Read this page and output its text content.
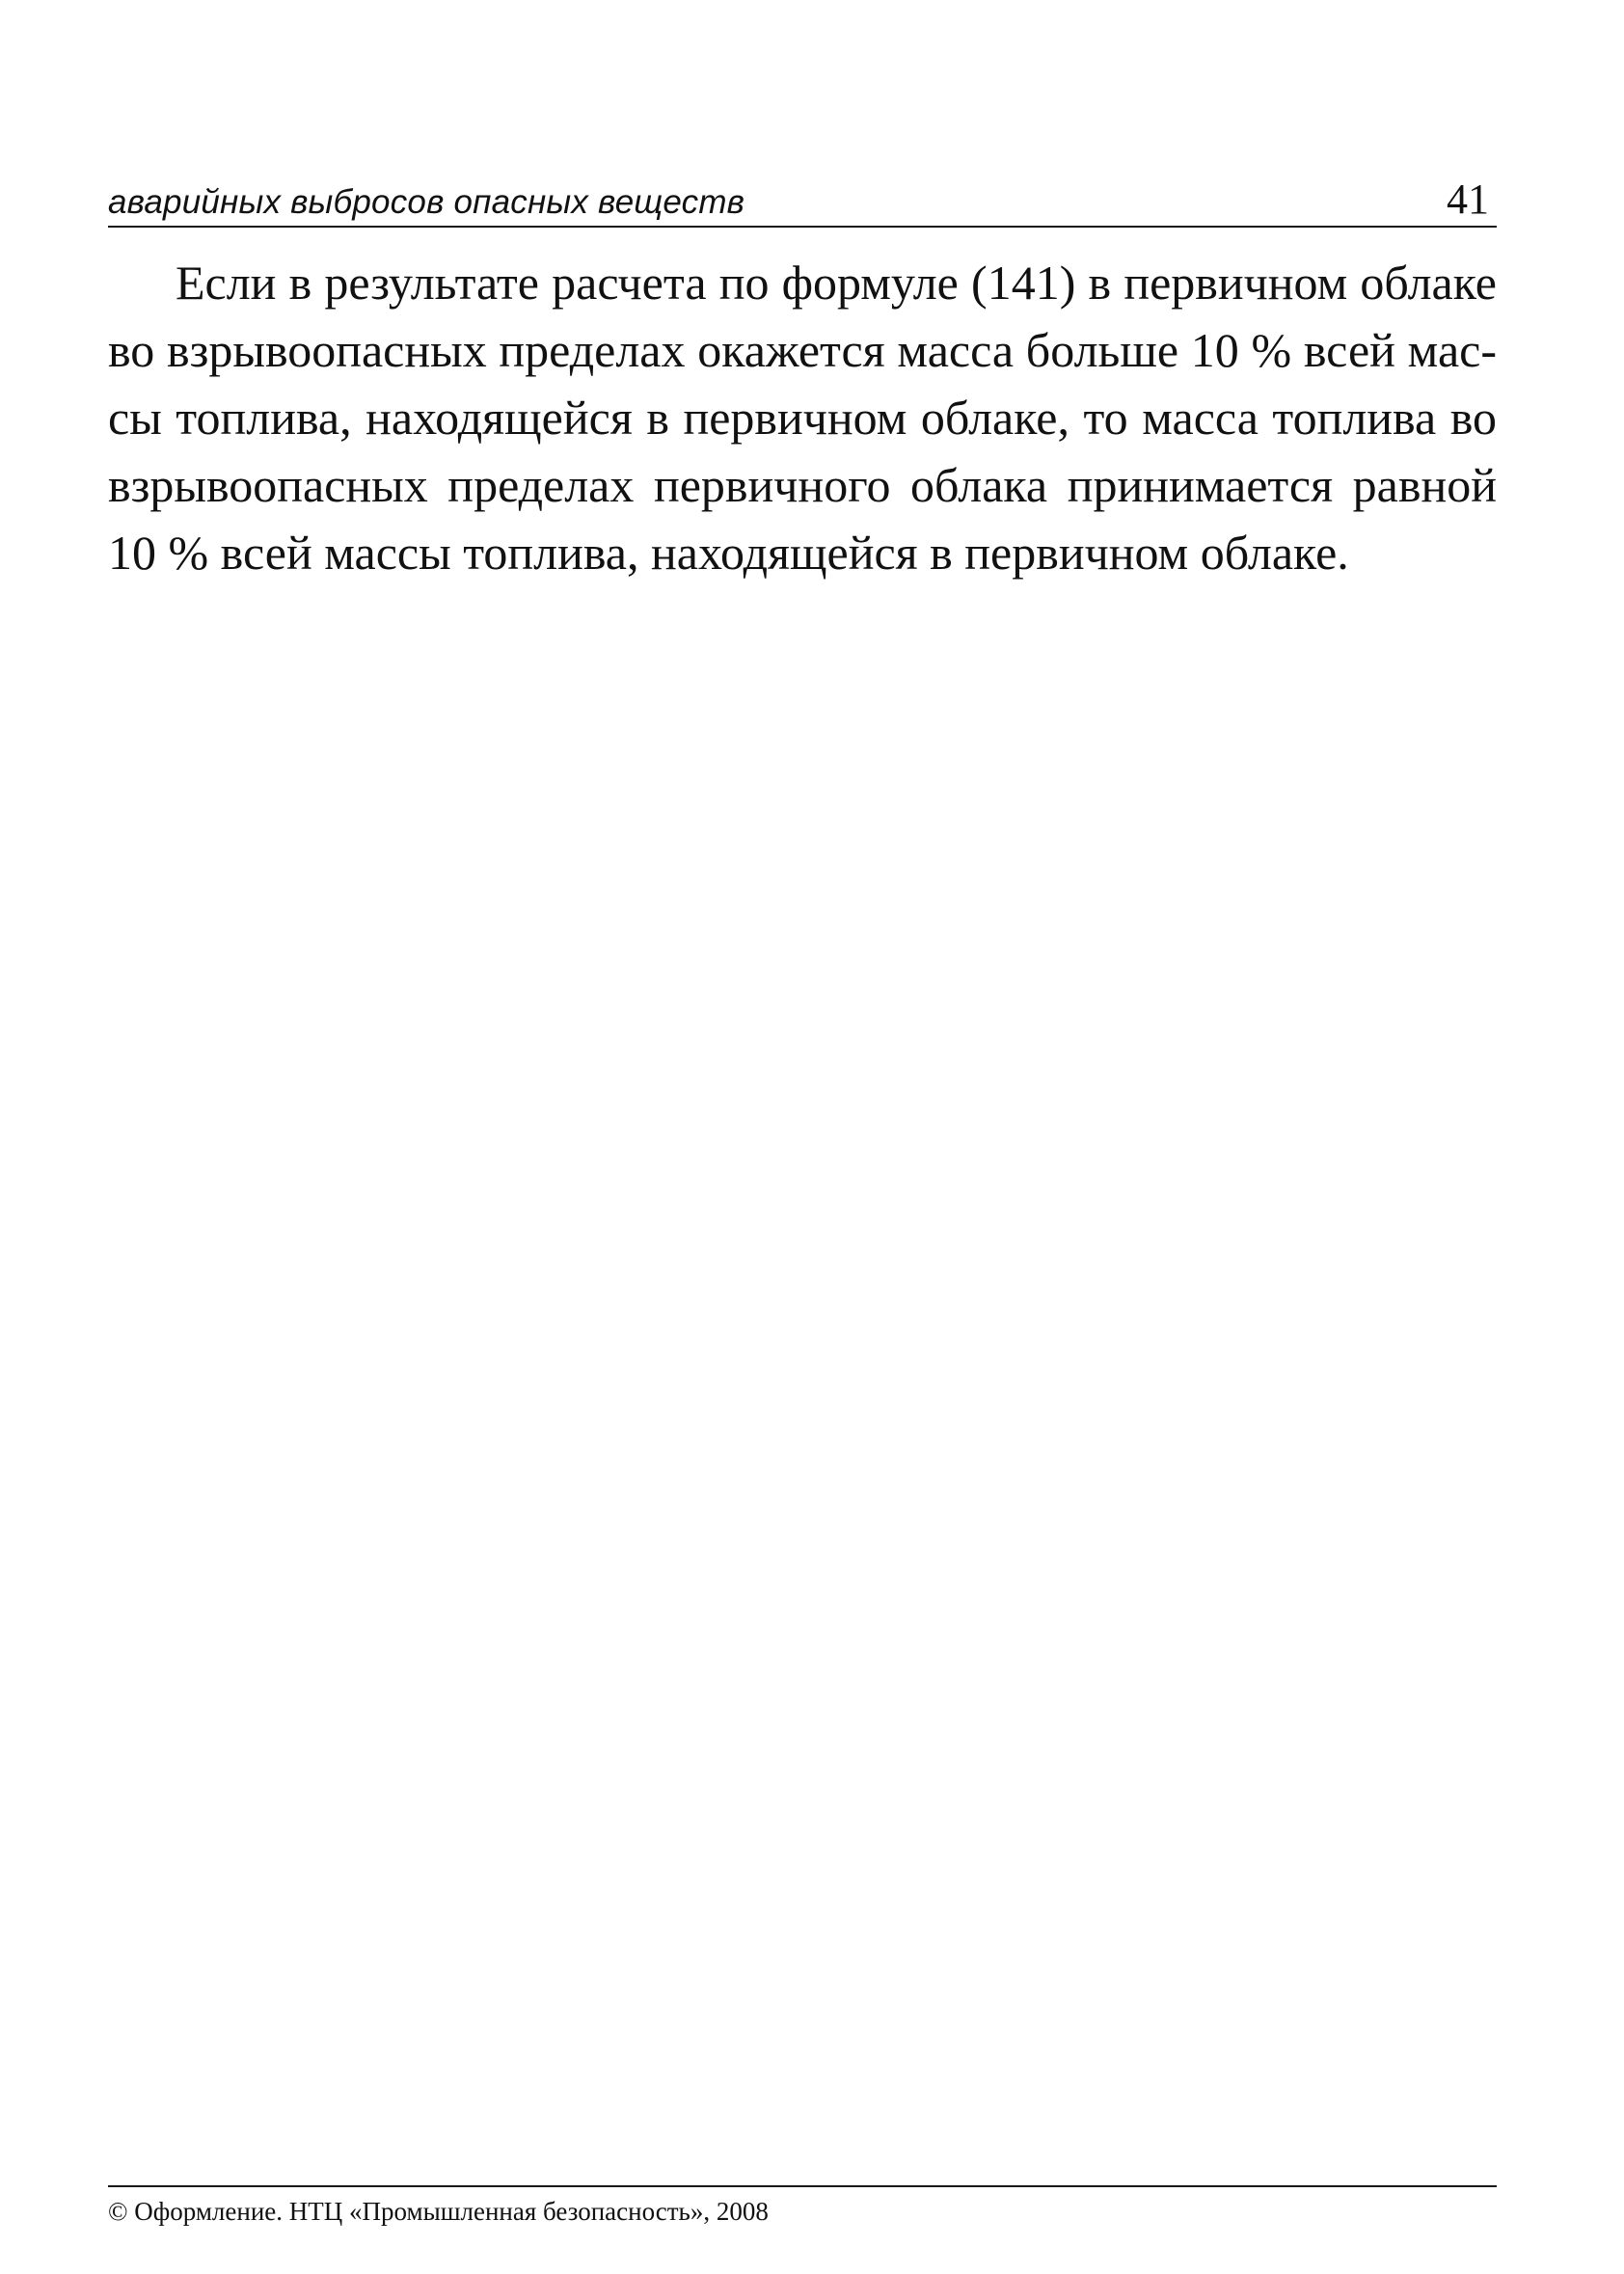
аварийных выбросов опасных веществ	41

Если в результате расчета по формуле (141) в первичном облаке во взрывоопасных пределах окажется масса больше 10 % всей массы топлива, находящейся в первичном облаке, то масса топлива во взрывоопасных пределах первичного облака принимается равной 10 % всей массы топлива, находящейся в первичном облаке.

© Оформление. НТЦ «Промышленная безопасность», 2008
